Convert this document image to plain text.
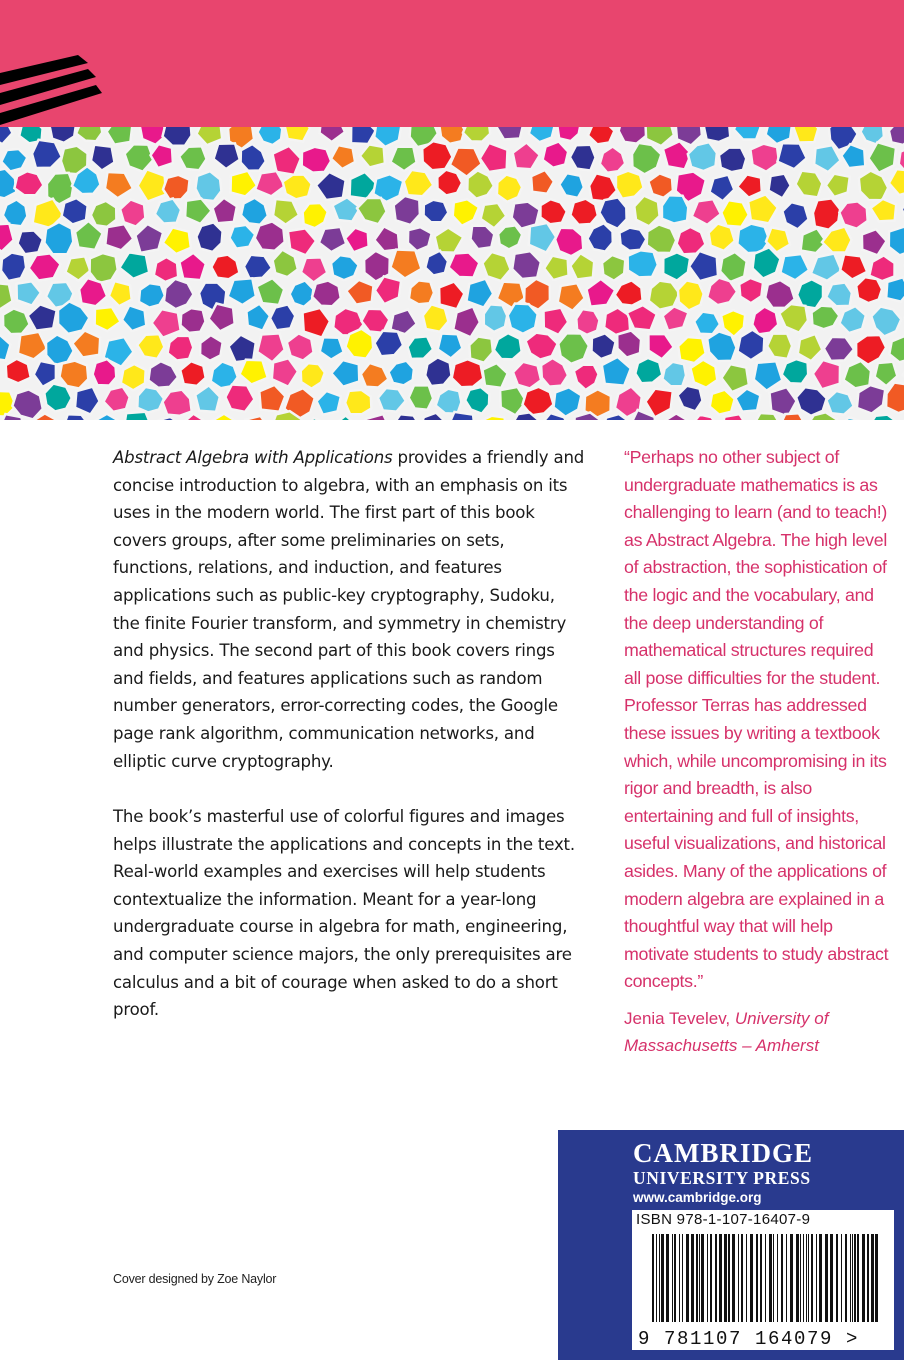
Abstract Algebra with Applications provides a friendly and concise introduction to algebra, with an emphasis on its uses in the modern world. The first part of this book covers groups, after some preliminaries on sets, functions, relations, and induction, and features applications such as public-key cryptography, Sudoku, the finite Fourier transform, and symmetry in chemistry and physics. The second part of this book covers rings and fields, and features applications such as random number generators, error-correcting codes, the Google page rank algorithm, communication networks, and elliptic curve cryptography.
The book’s masterful use of colorful figures and images helps illustrate the applications and concepts in the text. Real-world examples and exercises will help students contextualize the information. Meant for a year-long undergraduate course in algebra for math, engineering, and computer science majors, the only prerequisites are calculus and a bit of courage when asked to do a short proof.
“Perhaps no other subject of undergraduate mathematics is as challenging to learn (and to teach!) as Abstract Algebra. The high level of abstraction, the sophistication of the logic and the vocabulary, and the deep understanding of mathematical structures required all pose difficulties for the student. Professor Terras has addressed these issues by writing a textbook which, while uncompromising in its rigor and breadth, is also entertaining and full of insights, useful visualizations, and historical asides. Many of the applications of modern algebra are explained in a thoughtful way that will help motivate students to study abstract concepts.”
Jenia Tevelev, University of Massachusetts – Amherst
Cover designed by Zoe Naylor
CAMBRIDGE
UNIVERSITY PRESS
www.cambridge.org
ISBN 978-1-107-16407-9
9 781107 164079 >
